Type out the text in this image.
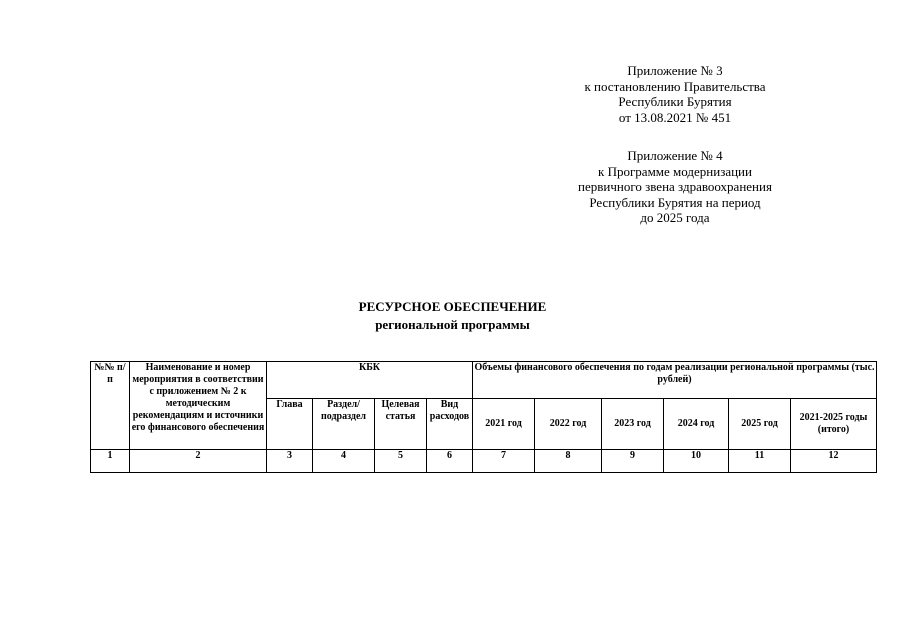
Приложение № 3
к постановлению Правительства
Республики Бурятия
от 13.08.2021 № 451
Приложение № 4
к Программе модернизации
первичного звена здравоохранения
Республики Бурятия на период
до 2025 года
РЕСУРСНОЕ ОБЕСПЕЧЕНИЕ
региональной программы
№№ п/п	Наименование и номер мероприятия в соответствии с приложением № 2 к методическим рекомендациям и источники его финансового обеспечения	КБК				Объемы финансового обеспечения по годам реализации региональной программы (тыс. рублей)					
		Глава	Раздел/ подраздел	Целевая статья	Вид расходов	2021 год	2022 год	2023 год	2024 год	2025 год	2021-2025 годы (итого)
1	2	3	4	5	6	7	8	9	10	11	12
